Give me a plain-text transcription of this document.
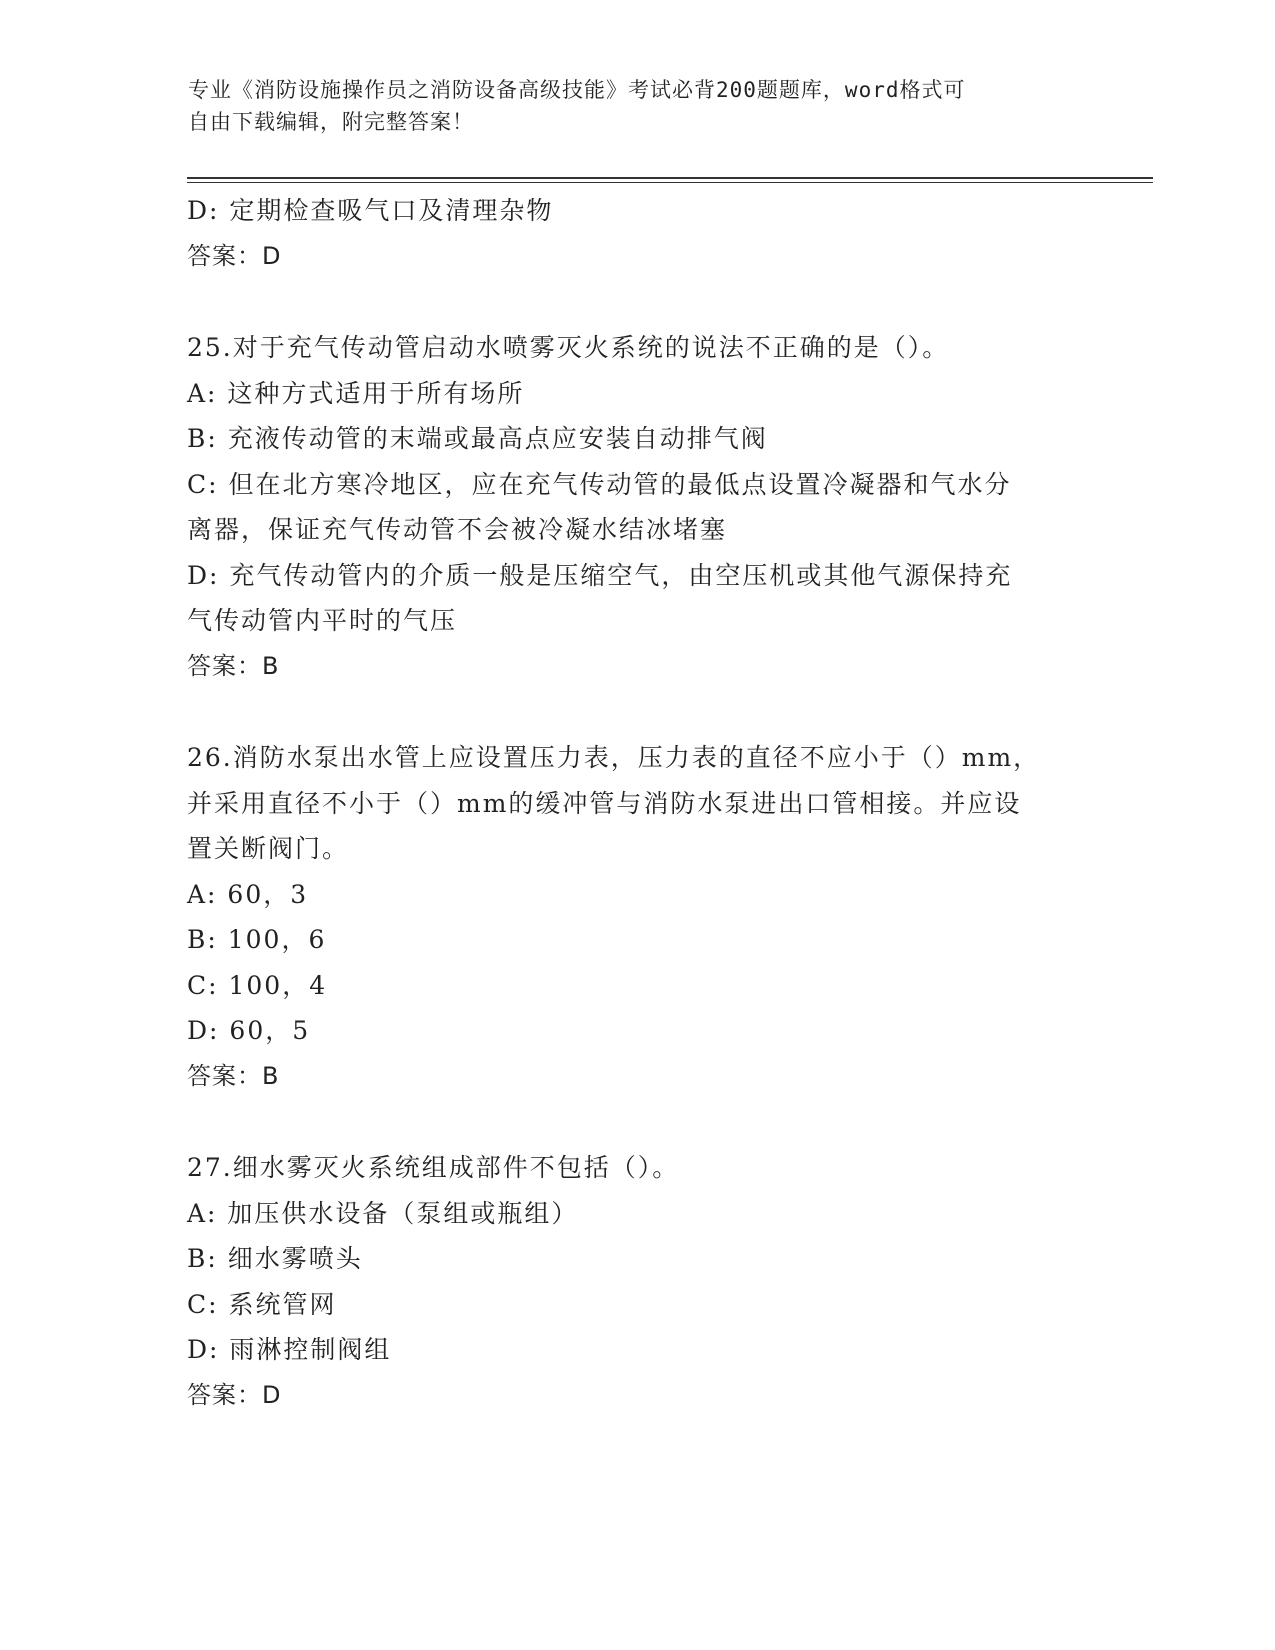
专业《消防设施操作员之消防设备高级技能》考试必背200题题库，word格式可
自由下载编辑，附完整答案！
D: 定期检查吸气口及清理杂物
答案：D
25.对于充气传动管启动水喷雾灭火系统的说法不正确的是（）。
A: 这种方式适用于所有场所
B: 充液传动管的末端或最高点应安装自动排气阀
C: 但在北方寒冷地区，应在充气传动管的最低点设置冷凝器和气水分
离器，保证充气传动管不会被冷凝水结冰堵塞
D: 充气传动管内的介质一般是压缩空气，由空压机或其他气源保持充
气传动管内平时的气压
答案：B
26.消防水泵出水管上应设置压力表，压力表的直径不应小于（）mm，
并采用直径不小于（）mm的缓冲管与消防水泵进出口管相接。并应设
置关断阀门。
A: 60，3
B: 100，6
C: 100，4
D: 60，5
答案：B
27.细水雾灭火系统组成部件不包括（）。
A: 加压供水设备（泵组或瓶组）
B: 细水雾喷头
C: 系统管网
D: 雨淋控制阀组
答案：D
